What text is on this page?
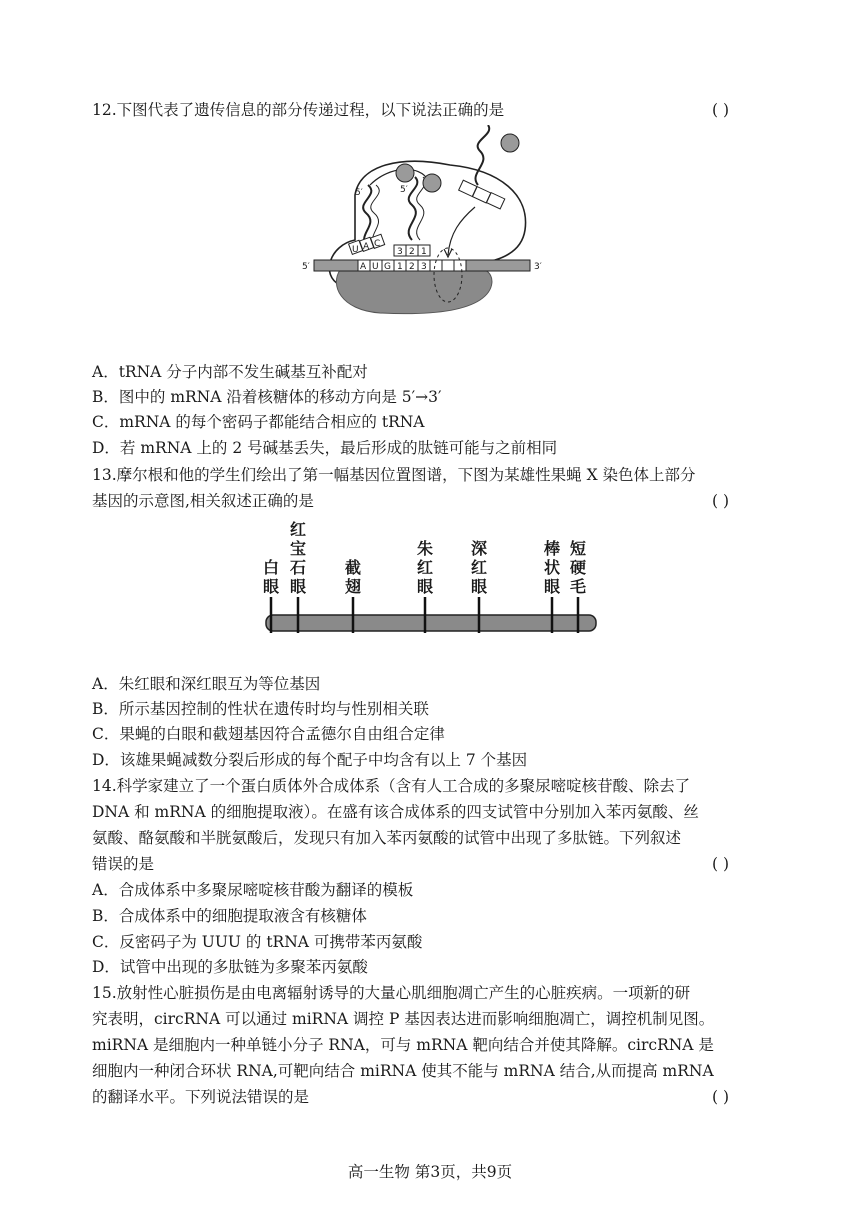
12.下图代表了遗传信息的部分传递过程，以下说法正确的是	( )
5′	3′
A U G 1 2 3
5′
U A C
5′
3 2 1
A．tRNA 分子内部不发生碱基互补配对
B．图中的 mRNA 沿着核糖体的移动方向是 5′→3′
C．mRNA 的每个密码子都能结合相应的 tRNA
D．若 mRNA 上的 2 号碱基丢失，最后形成的肽链可能与之前相同
13.摩尔根和他的学生们绘出了第一幅基因位置图谱，下图为某雄性果蝇 X 染色体上部分
基因的示意图,相关叙述正确的是	( )
白
眼
红
宝
石
眼
截
翅
朱
红
眼
深
红
眼
棒
状
眼
短
硬
毛
A．朱红眼和深红眼互为等位基因
B．所示基因控制的性状在遗传时均与性别相关联
C．果蝇的白眼和截翅基因符合孟德尔自由组合定律
D．该雄果蝇减数分裂后形成的每个配子中均含有以上 7 个基因
14.科学家建立了一个蛋白质体外合成体系（含有人工合成的多聚尿嘧啶核苷酸、除去了
DNA 和 mRNA 的细胞提取液）。在盛有该合成体系的四支试管中分别加入苯丙氨酸、丝
氨酸、酪氨酸和半胱氨酸后，发现只有加入苯丙氨酸的试管中出现了多肽链。下列叙述
错误的是	( )
A．合成体系中多聚尿嘧啶核苷酸为翻译的模板
B．合成体系中的细胞提取液含有核糖体
C．反密码子为 UUU 的 tRNA 可携带苯丙氨酸
D．试管中出现的多肽链为多聚苯丙氨酸
15.放射性心脏损伤是由电离辐射诱导的大量心肌细胞凋亡产生的心脏疾病。一项新的研
究表明，circRNA 可以通过 miRNA 调控 P 基因表达进而影响细胞凋亡，调控机制见图。
miRNA 是细胞内一种单链小分子 RNA，可与 mRNA 靶向结合并使其降解。circRNA 是
细胞内一种闭合环状 RNA,可靶向结合 miRNA 使其不能与 mRNA 结合,从而提高 mRNA
的翻译水平。下列说法错误的是	( )
高一生物 第3页，共9页
